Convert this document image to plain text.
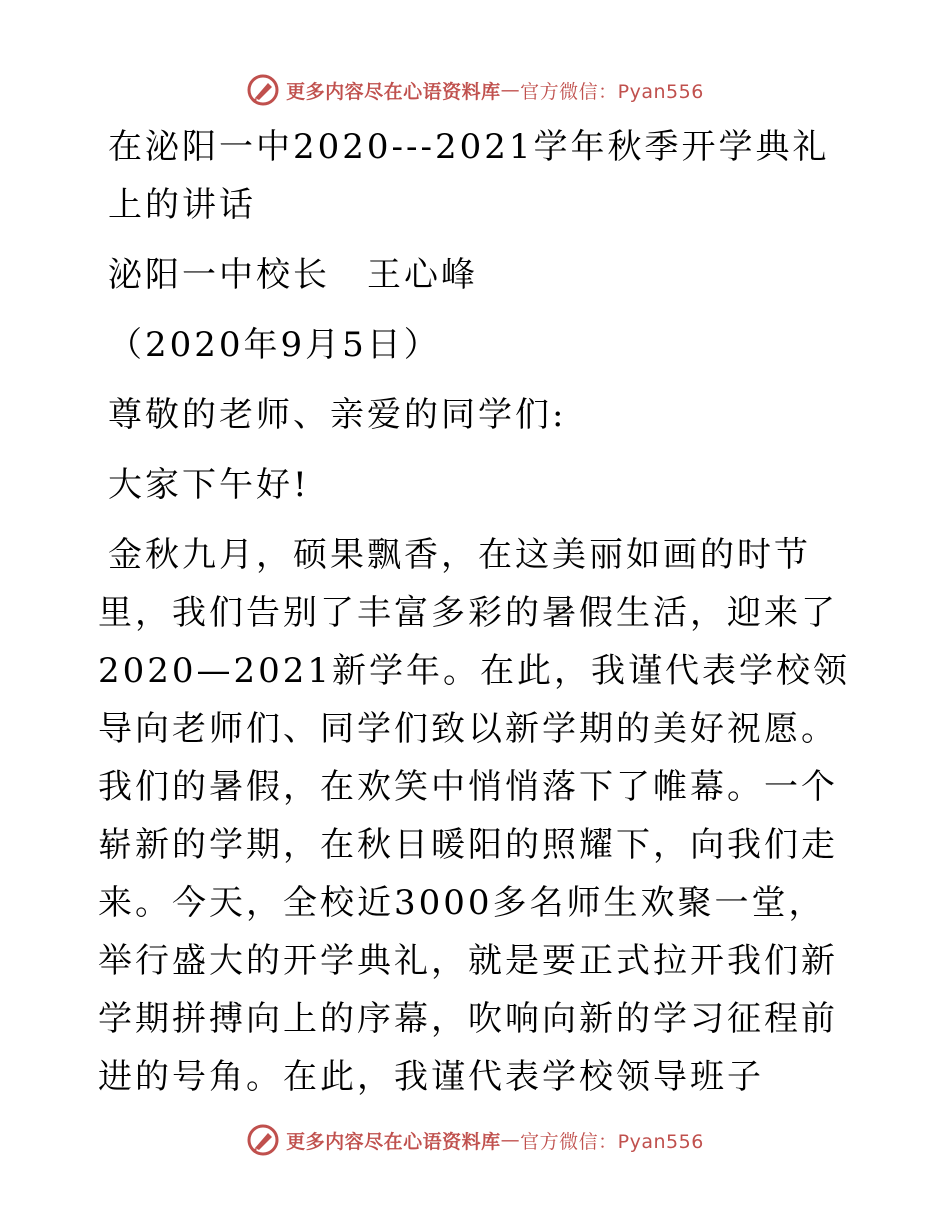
更多内容尽在心语资料库 — 官方微信：Pyan556

在泌阳一中2020---2021学年秋季开学典礼上的讲话

泌阳一中校长　王心峰

（2020年9月5日）

尊敬的老师、亲爱的同学们:

大家下午好!

金秋九月，硕果飘香，在这美丽如画的时节里，我们告别了丰富多彩的暑假生活，迎来了2020—2021新学年。在此，我谨代表学校领导向老师们、同学们致以新学期的美好祝愿。我们的暑假，在欢笑中悄悄落下了帷幕。一个崭新的学期，在秋日暖阳的照耀下，向我们走来。今天，全校近3000多名师生欢聚一堂，举行盛大的开学典礼，就是要正式拉开我们新学期拼搏向上的序幕，吹响向新的学习征程前进的号角。在此，我谨代表学校领导班子

更多内容尽在心语资料库 — 官方微信：Pyan556
